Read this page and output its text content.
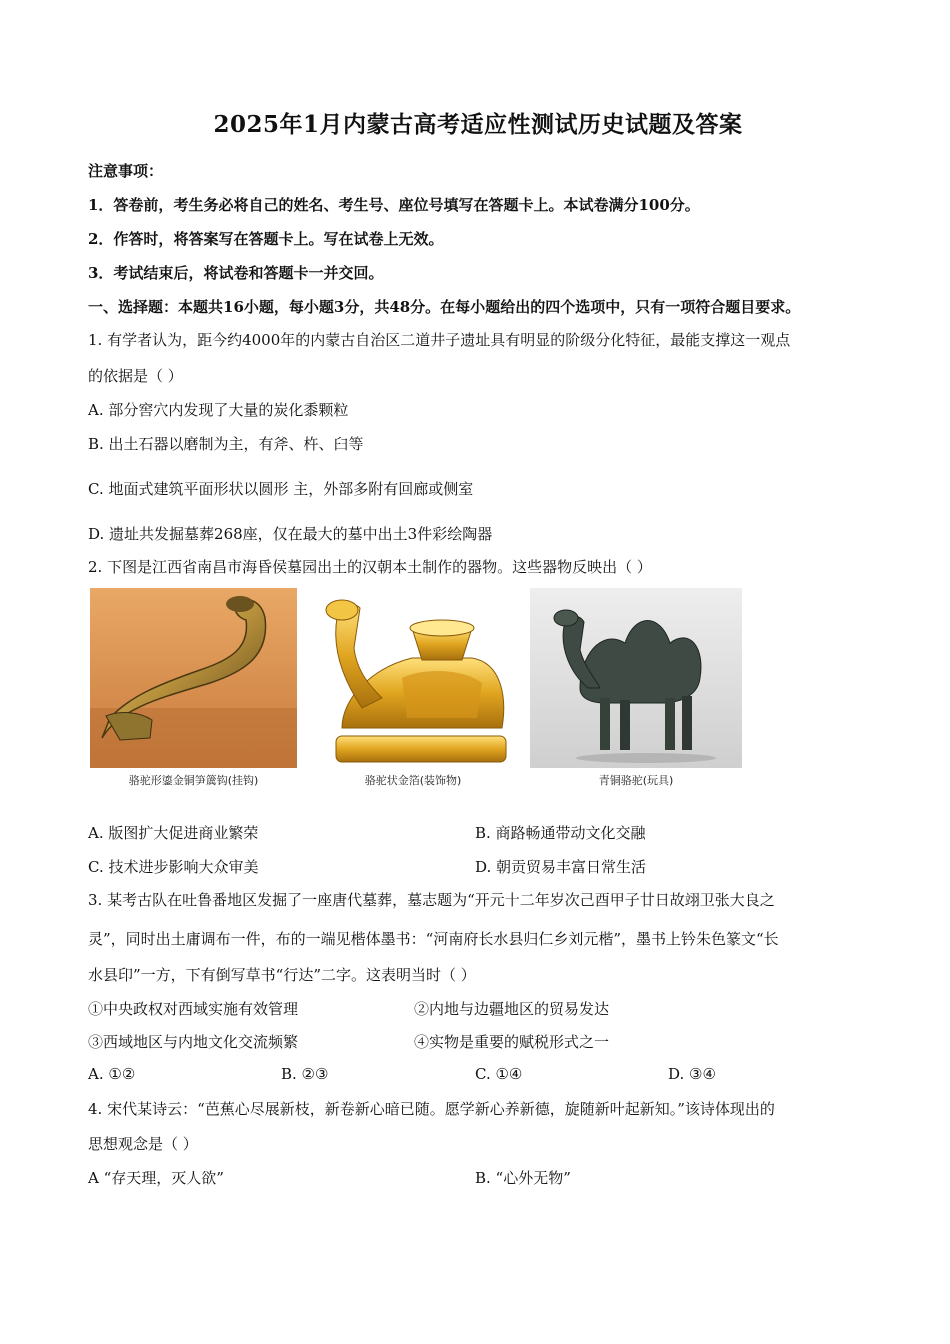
2025年1月内蒙古高考适应性测试历史试题及答案
注意事项：
1．答卷前，考生务必将自己的姓名、考生号、座位号填写在答题卡上。本试卷满分100分。
2．作答时，将答案写在答题卡上。写在试卷上无效。
3．考试结束后，将试卷和答题卡一并交回。
一、选择题：本题共16小题，每小题3分，共48分。在每小题给出的四个选项中，只有一项符合题目要求。
1. 有学者认为，距今约4000年的内蒙古自治区二道井子遗址具有明显的阶级分化特征，最能支撑这一观点
的依据是（ ）
A. 部分窖穴内发现了大量的炭化黍颗粒
B. 出土石器以磨制为主，有斧、杵、臼等
C. 地面式建筑平面形状以圆形 主，外部多附有回廊或侧室
D. 遗址共发掘墓葬268座，仅在最大的墓中出土3件彩绘陶器
2. 下图是江西省南昌市海昏侯墓园出土的汉朝本土制作的器物。这些器物反映出（ ）
骆驼形鎏金铜笋簴钩(挂钩)	骆驼状金箔(装饰物)	青铜骆驼(玩具)
A. 版图扩大促进商业繁荣	B. 商路畅通带动文化交融
C. 技术进步影响大众审美	D. 朝贡贸易丰富日常生活
3. 某考古队在吐鲁番地区发掘了一座唐代墓葬，墓志题为“开元十二年岁次己酉甲子廿日故翊卫张大良之
灵”，同时出土庸调布一件，布的一端见楷体墨书：“河南府长水县归仁乡刘元楷”，墨书上钤朱色篆文“长
水县印”一方，下有倒写草书“行达”二字。这表明当时（ ）
①中央政权对西域实施有效管理	②内地与边疆地区的贸易发达
③西域地区与内地文化交流频繁	④实物是重要的赋税形式之一
A. ①②	B. ②③	C. ①④	D. ③④
4. 宋代某诗云：“芭蕉心尽展新枝，新卷新心暗已随。愿学新心养新德，旋随新叶起新知。”该诗体现出的
思想观念是（ ）
A “存天理，灭人欲”	B. “心外无物”
